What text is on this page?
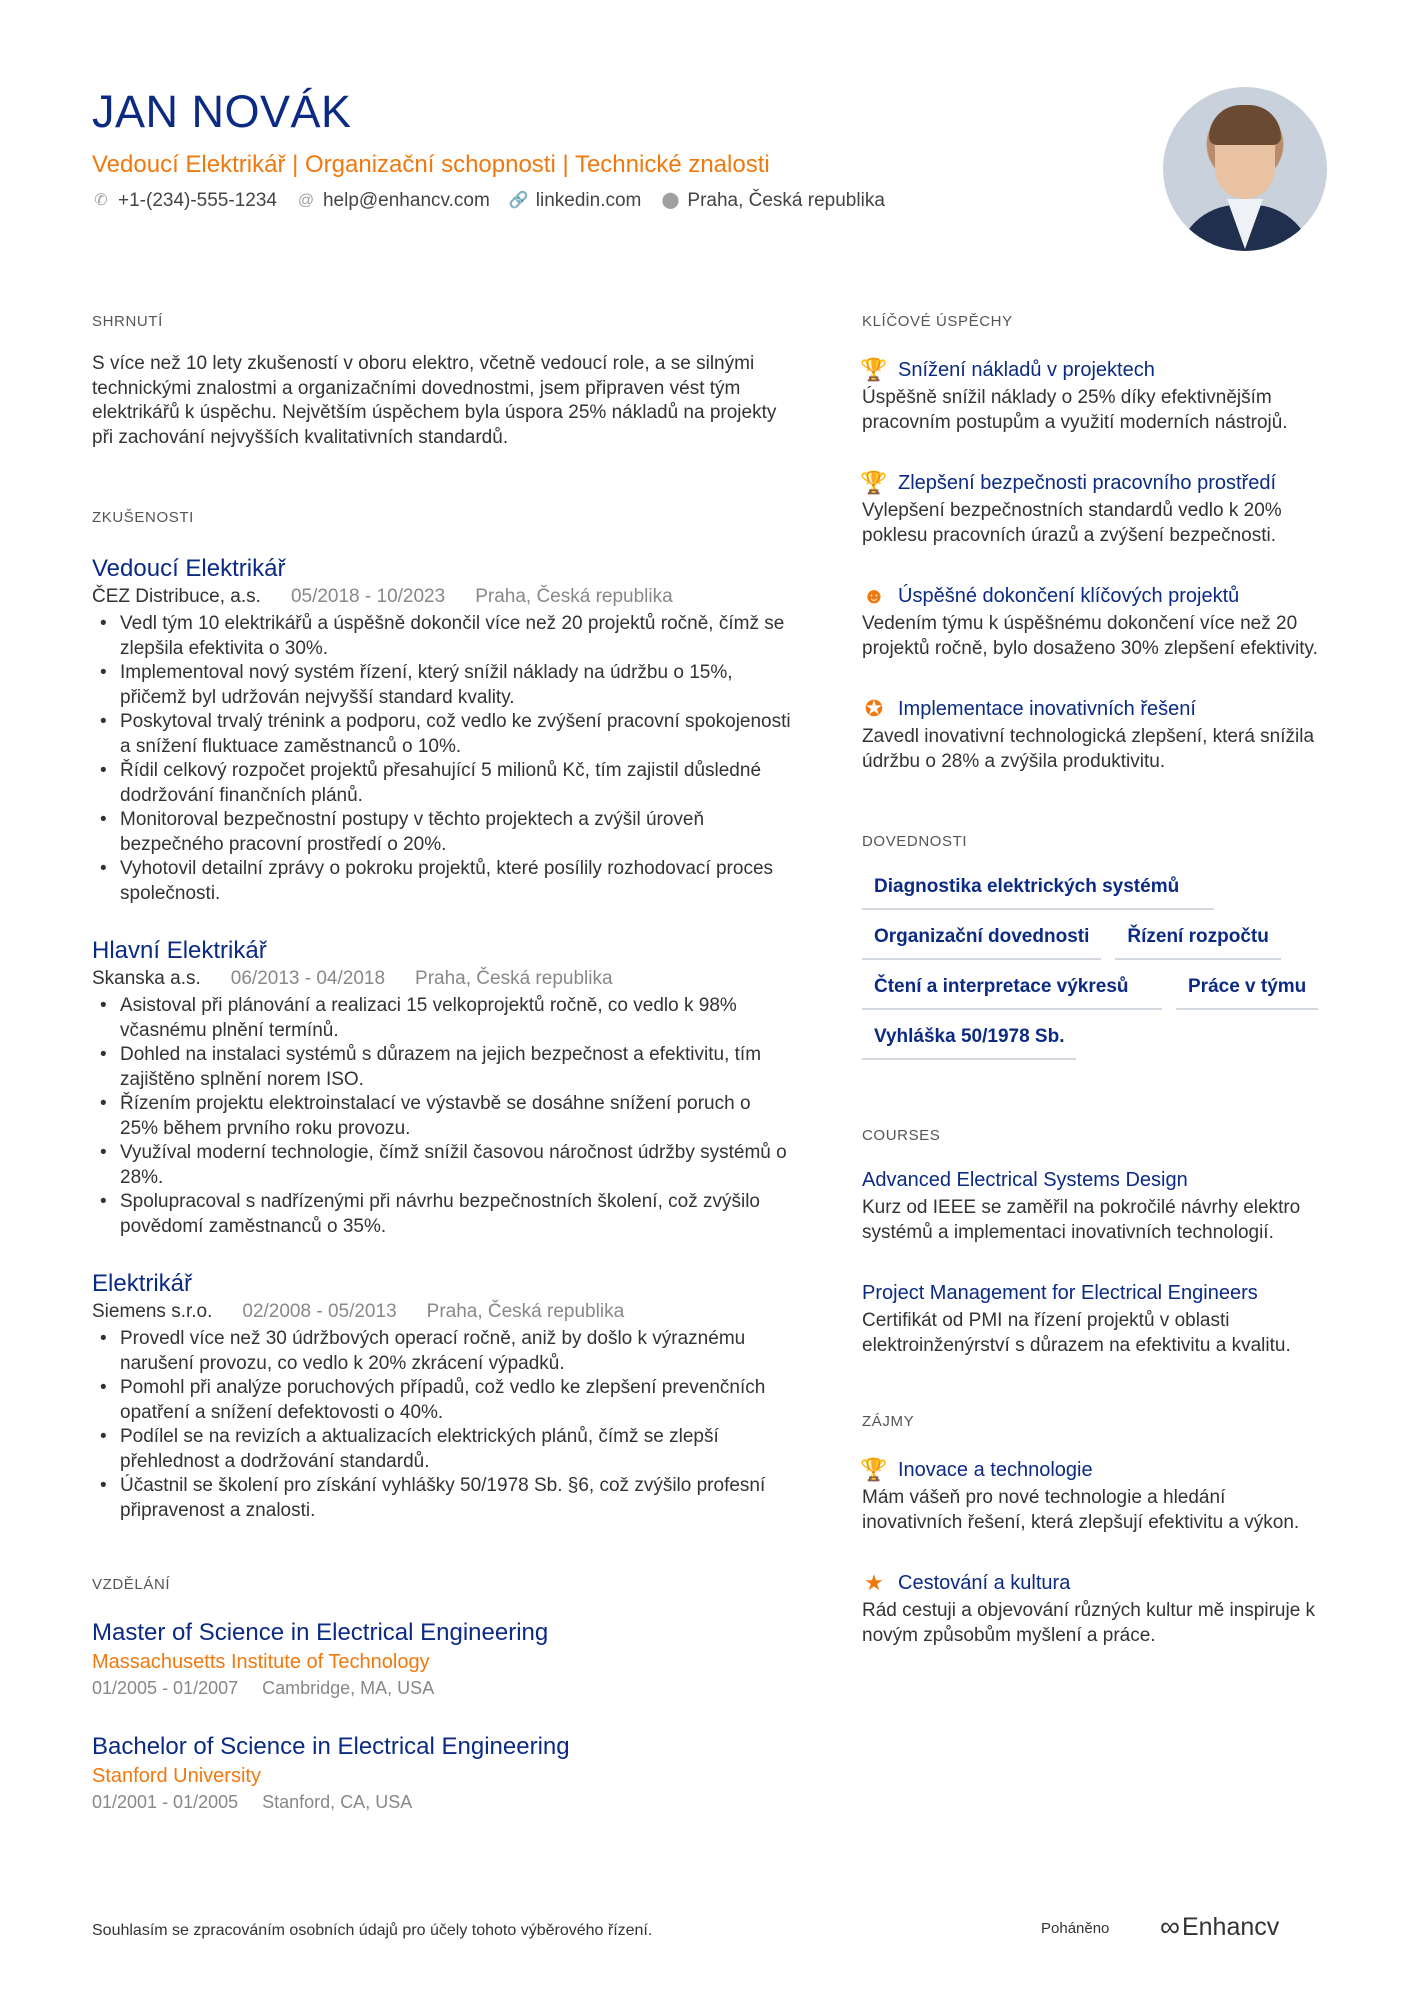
JAN NOVÁK
Vedoucí Elektrikář | Organizační schopnosti | Technické znalosti
✆ +1-(234)-555-1234 @ help@enhancv.com 🔗 linkedin.com ⬤ Praha, Česká republika
SHRNUTÍ

S více než 10 lety zkušeností v oboru elektro, včetně vedoucí role, a se silnými technickými znalostmi a organizačními dovednostmi, jsem připraven vést tým elektrikářů k úspěchu. Největším úspěchem byla úspora 25% nákladů na projekty při zachování nejvyšších kvalitativních standardů.

ZKUŠENOSTI
Vedoucí Elektrikář
ČEZ Distribuce, a.s. 05/2018 - 10/2023 Praha, Česká republika
• Vedl tým 10 elektrikářů a úspěšně dokončil více než 20 projektů ročně, čímž se zlepšila efektivita o 30%.
• Implementoval nový systém řízení, který snížil náklady na údržbu o 15%, přičemž byl udržován nejvyšší standard kvality.
• Poskytoval trvalý trénink a podporu, což vedlo ke zvýšení pracovní spokojenosti a snížení fluktuace zaměstnanců o 10%.
• Řídil celkový rozpočet projektů přesahující 5 milionů Kč, tím zajistil důsledné dodržování finančních plánů.
• Monitoroval bezpečnostní postupy v těchto projektech a zvýšil úroveň bezpečného pracovní prostředí o 20%.
• Vyhotovil detailní zprávy o pokroku projektů, které posílily rozhodovací proces společnosti.
Hlavní Elektrikář
Skanska a.s. 06/2013 - 04/2018 Praha, Česká republika
• Asistoval při plánování a realizaci 15 velkoprojektů ročně, co vedlo k 98% včasnému plnění termínů.
• Dohled na instalaci systémů s důrazem na jejich bezpečnost a efektivitu, tím zajištěno splnění norem ISO.
• Řízením projektu elektroinstalací ve výstavbě se dosáhne snížení poruch o 25% během prvního roku provozu.
• Využíval moderní technologie, čímž snížil časovou náročnost údržby systémů o 28%.
• Spolupracoval s nadřízenými při návrhu bezpečnostních školení, což zvýšilo povědomí zaměstnanců o 35%.
Elektrikář
Siemens s.r.o. 02/2008 - 05/2013 Praha, Česká republika
• Provedl více než 30 údržbových operací ročně, aniž by došlo k výraznému narušení provozu, co vedlo k 20% zkrácení výpadků.
• Pomohl při analýze poruchových případů, což vedlo ke zlepšení prevenčních opatření a snížení defektovosti o 40%.
• Podílel se na revizích a aktualizacích elektrických plánů, čímž se zlepší přehlednost a dodržování standardů.
• Účastnil se školení pro získání vyhlášky 50/1978 Sb. §6, což zvýšilo profesní připravenost a znalosti.
VZDĚLÁNÍ
Master of Science in Electrical Engineering
Massachusetts Institute of Technology
01/2005 - 01/2007 Cambridge, MA, USA
Bachelor of Science in Electrical Engineering
Stanford University
01/2001 - 01/2005 Stanford, CA, USA
KLÍČOVÉ ÚSPĚCHY
🏆 Snížení nákladů v projektech
Úspěšně snížil náklady o 25% díky efektivnějším pracovním postupům a využití moderních nástrojů.
🏆 Zlepšení bezpečnosti pracovního prostředí
Vylepšení bezpečnostních standardů vedlo k 20% poklesu pracovních úrazů a zvýšení bezpečnosti.
☻ Úspěšné dokončení klíčových projektů
Vedením týmu k úspěšnému dokončení více než 20 projektů ročně, bylo dosaženo 30% zlepšení efektivity.
✪ Implementace inovativních řešení
Zavedl inovativní technologická zlepšení, která snížila údržbu o 28% a zvýšila produktivitu.
DOVEDNOSTI
Diagnostika elektrických systémů
Organizační dovednosti	Řízení rozpočtu
Čtení a interpretace výkresů	Práce v týmu
Vyhláška 50/1978 Sb.
COURSES
Advanced Electrical Systems Design
Kurz od IEEE se zaměřil na pokročilé návrhy elektro systémů a implementaci inovativních technologií.
Project Management for Electrical Engineers
Certifikát od PMI na řízení projektů v oblasti elektroinženýrství s důrazem na efektivitu a kvalitu.
ZÁJMY
🏆 Inovace a technologie
Mám vášeň pro nové technologie a hledání inovativních řešení, která zlepšují efektivitu a výkon.
★ Cestování a kultura
Rád cestuji a objevování různých kultur mě inspiruje k novým způsobům myšlení a práce.
Souhlasím se zpracováním osobních údajů pro účely tohoto výběrového řízení.	Poháněno ∞ Enhancv
